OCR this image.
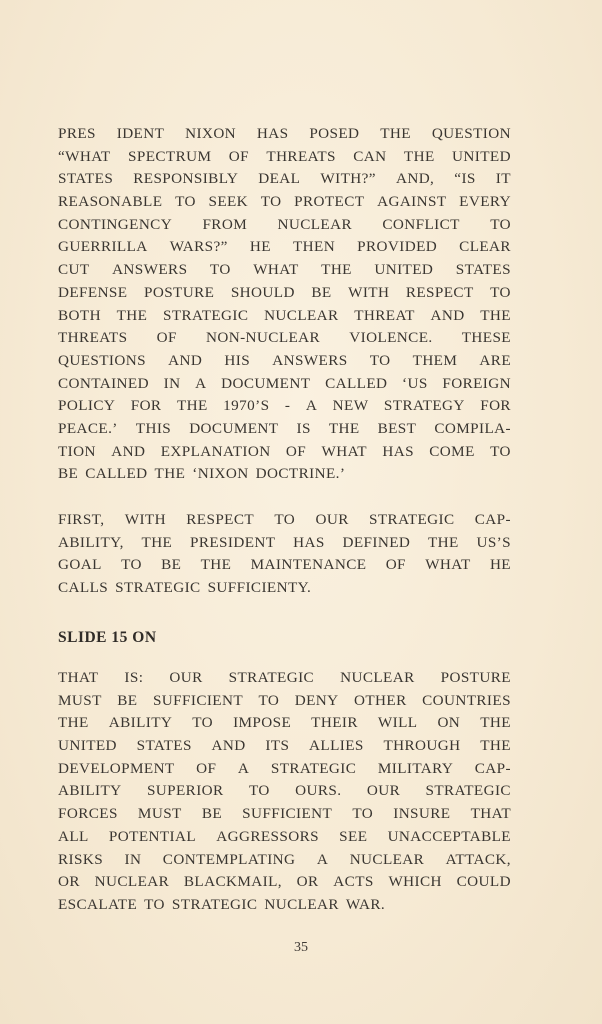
PRES IDENT NIXON HAS POSED THE QUESTION
“WHAT SPECTRUM OF THREATS CAN THE UNITED
STATES RESPONSIBLY DEAL WITH?” AND, “IS IT
REASONABLE TO SEEK TO PROTECT AGAINST EVERY
CONTINGENCY FROM NUCLEAR CONFLICT TO
GUERRILLA WARS?” HE THEN PROVIDED CLEAR
CUT ANSWERS TO WHAT THE UNITED STATES
DEFENSE POSTURE SHOULD BE WITH RESPECT TO
BOTH THE STRATEGIC NUCLEAR THREAT AND THE
THREATS OF NON-NUCLEAR VIOLENCE. THESE
QUESTIONS AND HIS ANSWERS TO THEM ARE
CONTAINED IN A DOCUMENT CALLED ‘US FOREIGN
POLICY FOR THE 1970’S - A NEW STRATEGY FOR
PEACE.’ THIS DOCUMENT IS THE BEST COMPILA-
TION AND EXPLANATION OF WHAT HAS COME TO
BE CALLED THE ‘NIXON DOCTRINE.’
FIRST, WITH RESPECT TO OUR STRATEGIC CAP-
ABILITY, THE PRESIDENT HAS DEFINED THE US’S
GOAL TO BE THE MAINTENANCE OF WHAT HE
CALLS STRATEGIC SUFFICIENTY.
SLIDE 15 ON
THAT IS: OUR STRATEGIC NUCLEAR POSTURE
MUST BE SUFFICIENT TO DENY OTHER COUNTRIES
THE ABILITY TO IMPOSE THEIR WILL ON THE
UNITED STATES AND ITS ALLIES THROUGH THE
DEVELOPMENT OF A STRATEGIC MILITARY CAP-
ABILITY SUPERIOR TO OURS. OUR STRATEGIC
FORCES MUST BE SUFFICIENT TO INSURE THAT
ALL POTENTIAL AGGRESSORS SEE UNACCEPTABLE
RISKS IN CONTEMPLATING A NUCLEAR ATTACK,
OR NUCLEAR BLACKMAIL, OR ACTS WHICH COULD
ESCALATE TO STRATEGIC NUCLEAR WAR.
35
